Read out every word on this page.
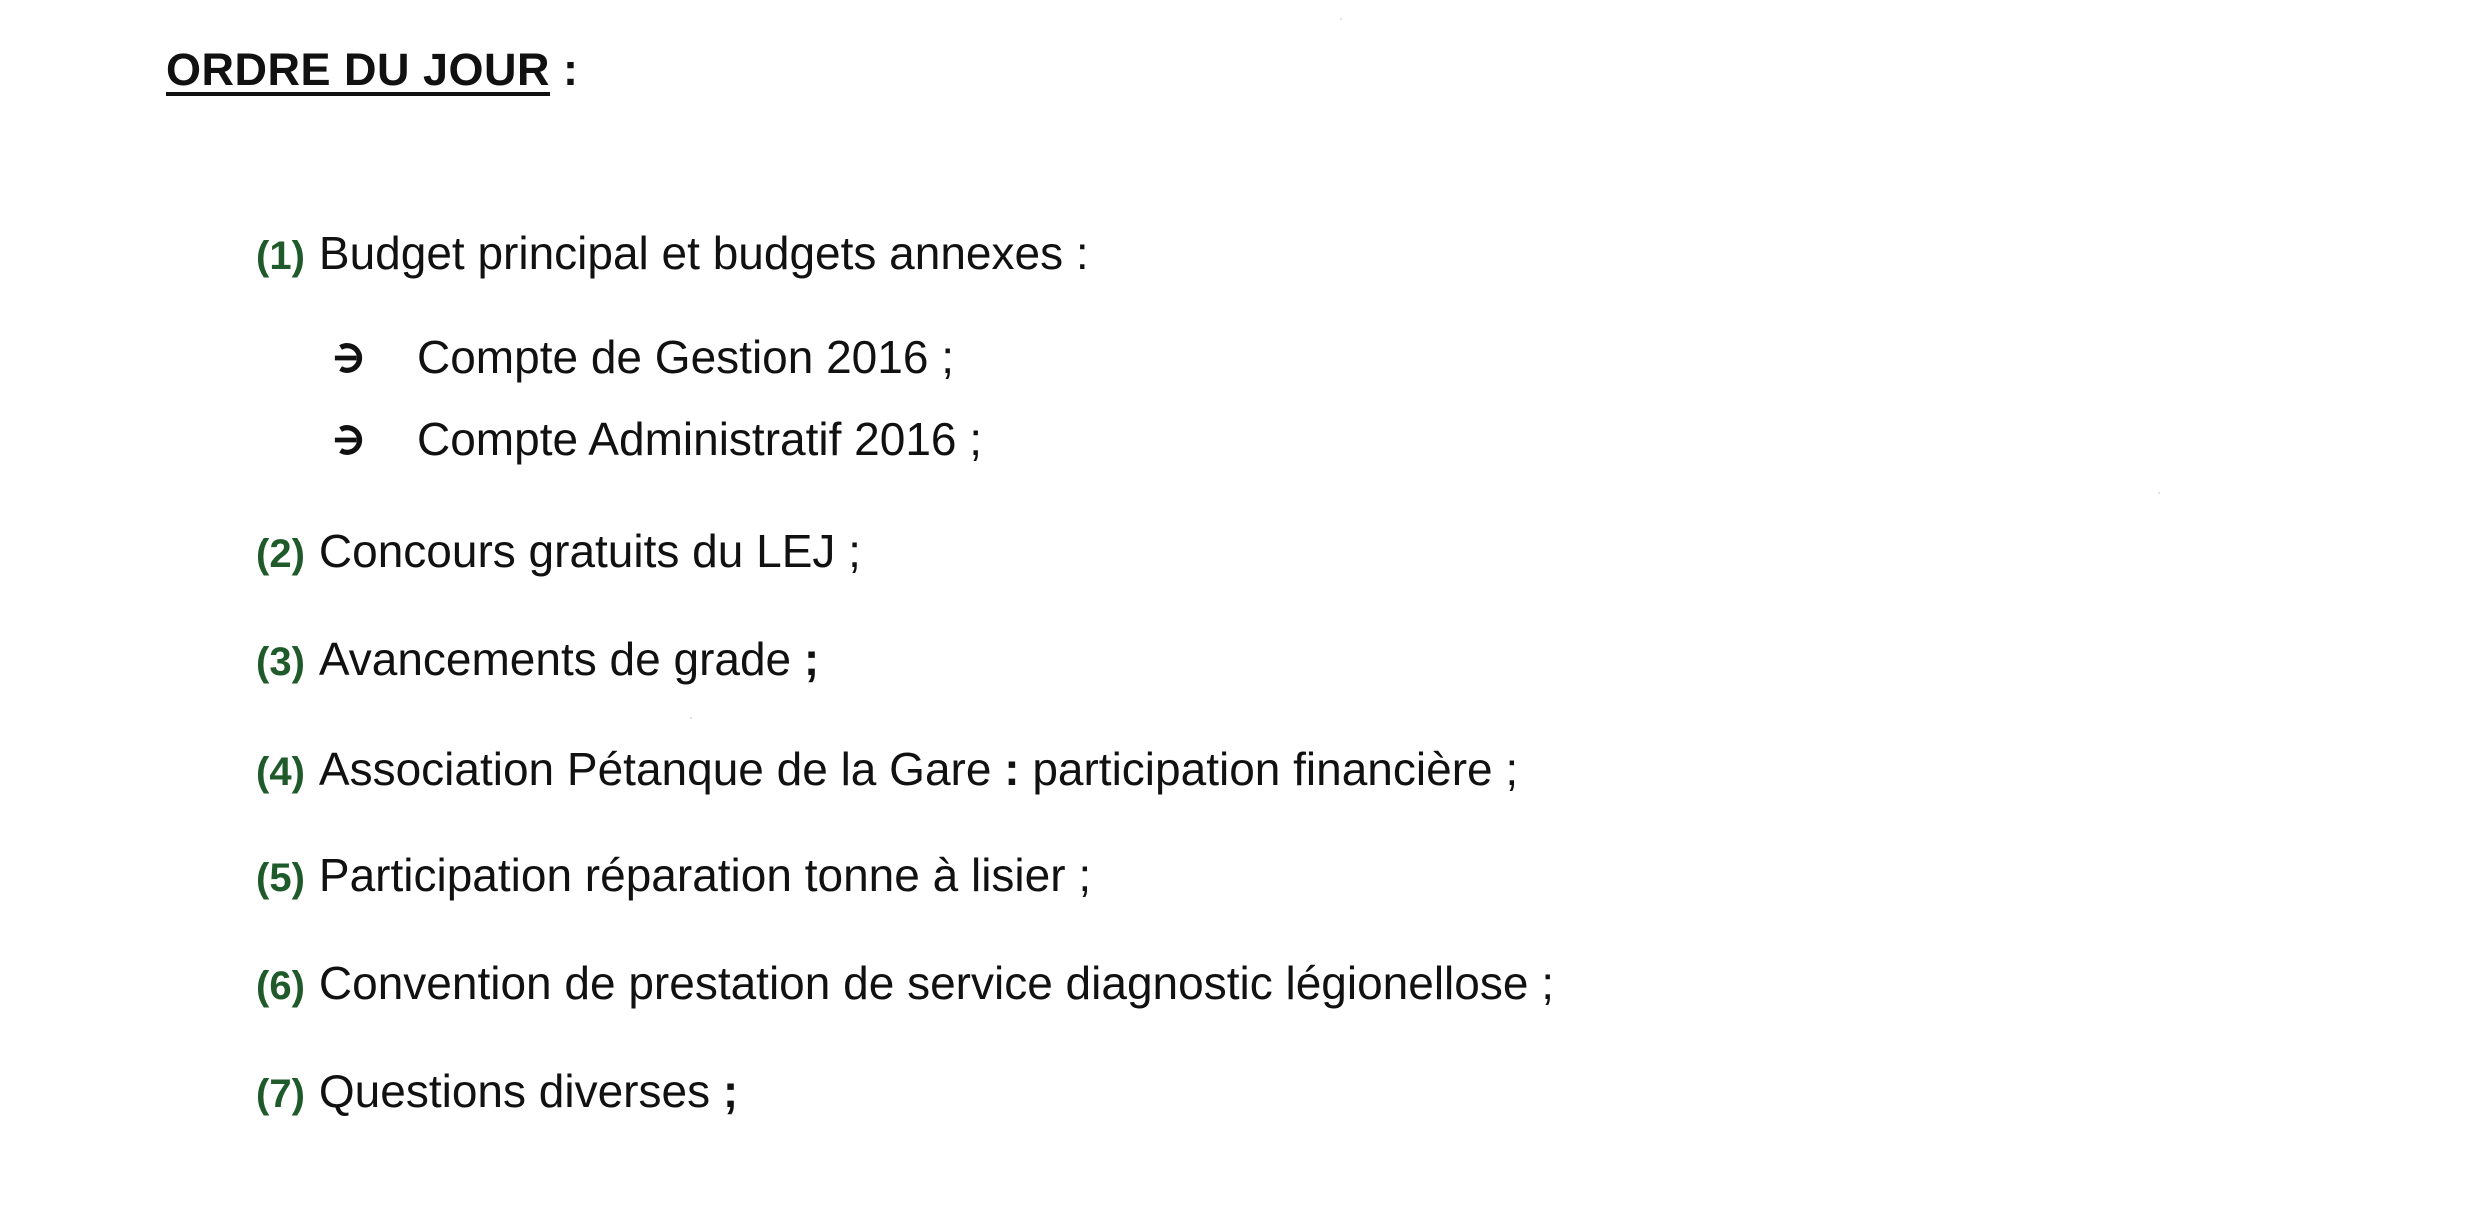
ORDRE DU JOUR :
(1) Budget principal et budgets annexes :
Compte de Gestion 2016 ;
Compte Administratif 2016 ;
(2) Concours gratuits du LEJ ;
(3) Avancements de grade ;
(4) Association Pétanque de la Gare : participation financière ;
(5) Participation réparation tonne à lisier ;
(6) Convention de prestation de service diagnostic légionellose ;
(7) Questions diverses ;
